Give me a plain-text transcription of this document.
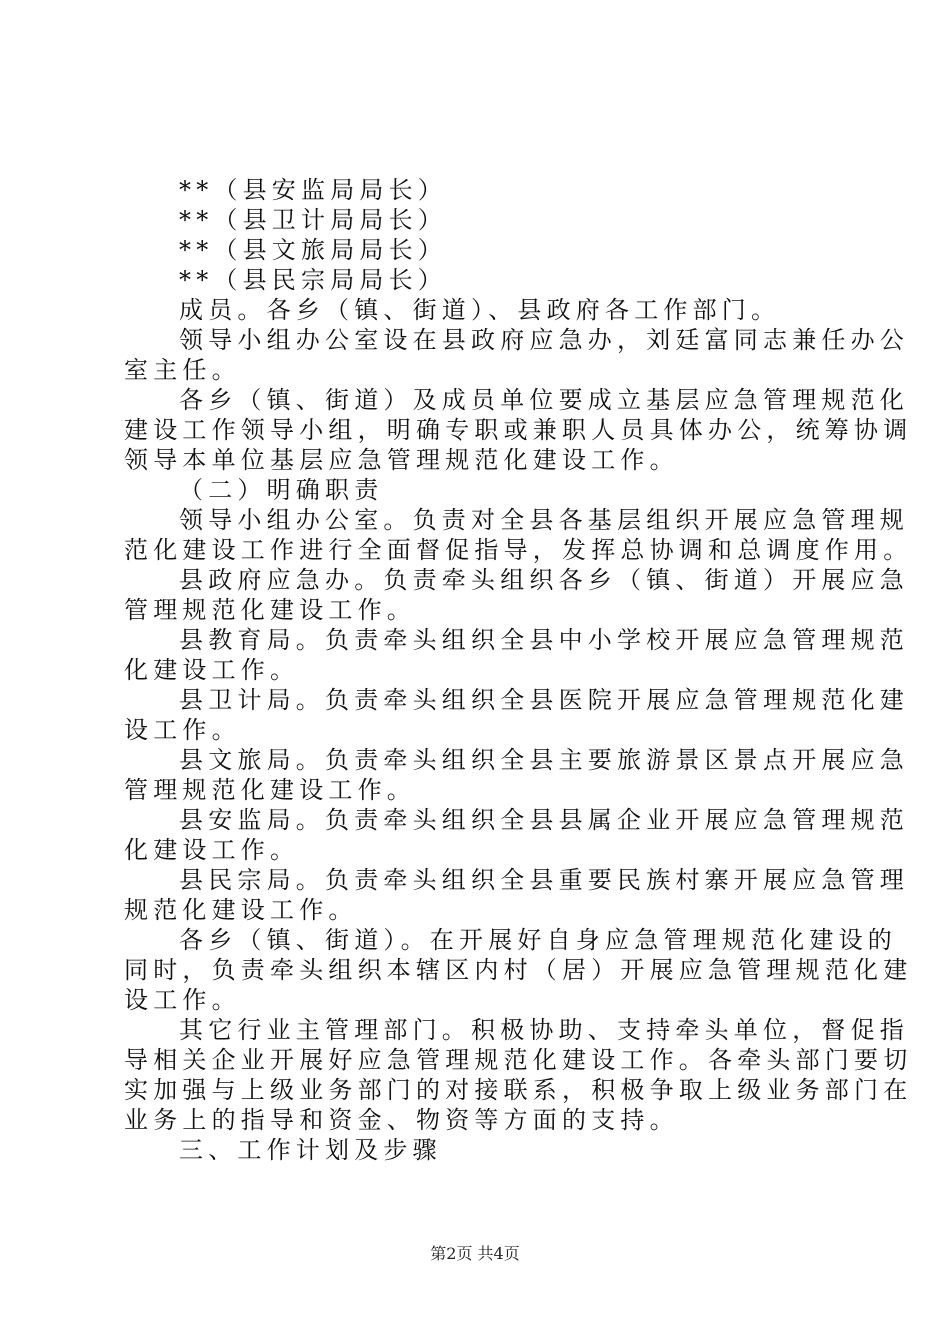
**（县安监局局长）

**（县卫计局局长）

**（县文旅局局长）

**（县民宗局局长）

成员。各乡（镇、街道）、县政府各工作部门。

领导小组办公室设在县政府应急办，刘廷富同志兼任办公

室主任。

各乡（镇、街道）及成员单位要成立基层应急管理规范化

建设工作领导小组，明确专职或兼职人员具体办公，统筹协调

领导本单位基层应急管理规范化建设工作。

（二）明确职责

领导小组办公室。负责对全县各基层组织开展应急管理规

范化建设工作进行全面督促指导，发挥总协调和总调度作用。

县政府应急办。负责牵头组织各乡（镇、街道）开展应急

管理规范化建设工作。

县教育局。负责牵头组织全县中小学校开展应急管理规范

化建设工作。

县卫计局。负责牵头组织全县医院开展应急管理规范化建

设工作。

县文旅局。负责牵头组织全县主要旅游景区景点开展应急

管理规范化建设工作。

县安监局。负责牵头组织全县县属企业开展应急管理规范

化建设工作。

县民宗局。负责牵头组织全县重要民族村寨开展应急管理

规范化建设工作。

各乡（镇、街道）。在开展好自身应急管理规范化建设的

同时，负责牵头组织本辖区内村（居）开展应急管理规范化建

设工作。

其它行业主管理部门。积极协助、支持牵头单位，督促指

导相关企业开展好应急管理规范化建设工作。各牵头部门要切

实加强与上级业务部门的对接联系，积极争取上级业务部门在

业务上的指导和资金、物资等方面的支持。

三、工作计划及步骤

第2页 共4页
